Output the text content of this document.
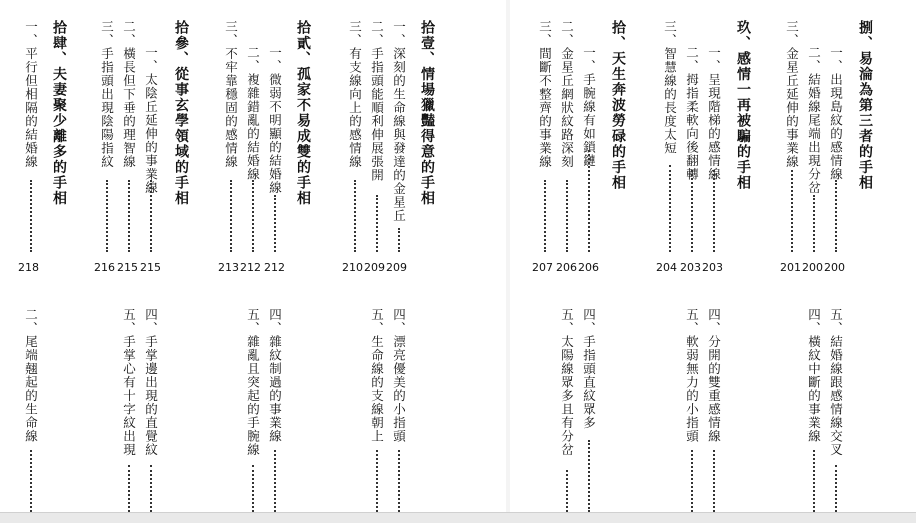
捌、易淪為第三者的手相
一、出現島紋的感情線
200
二、結婚線尾端出現分岔
200
三、金星丘延伸的事業線
201
四、橫紋中斷的事業線 五、結婚線跟感情線交叉
玖、感情一再被騙的手相
一、呈現階梯的感情線
203
二、拇指柔軟向後翻轉
203
三、智慧線的長度太短
204
四、分開的雙重感情線
五、軟弱無力的小指頭
拾、天生奔波勞碌的手相
一、手腕線有如鎖鏈
206
二、金星丘網狀紋路深刻
206
三、間斷不整齊的事業線
207
四、手指頭直紋眾多
五、太陽線眾多且有分岔
拾壹、情場獵豔得意的手相
一、深刻的生命線與發達的金星丘
209
二、手指頭能順利伸展張開
209
三、有支線向上的感情線
210
四、漂亮優美的小指頭
五、生命線的支線朝上
拾貳、孤家不易成雙的手相
一、微弱不明顯的結婚線
212
二、複雜錯亂的結婚線
212
三、不牢靠穩固的感情線
213
四、雜紋制過的事業線
五、雜亂且突起的手腕線
拾參、從事玄學領域的手相
一、太陰丘延伸的事業線
215
二、橫長但下垂的理智線
215
三、手指頭出現陰陽指紋
216
四、手掌邊出現的直覺紋
五、手掌心有十字紋出現
拾肆、夫妻聚少離多的手相
一、平行但相隔的結婚線
218
二、尾端翹起的生命線
